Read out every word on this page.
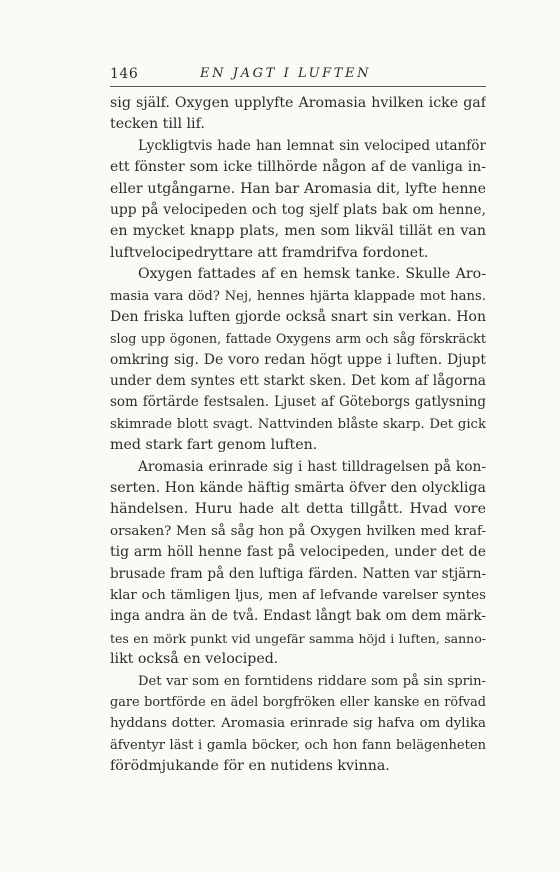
146	EN JAGT I LUFTEN
sig själf. Oxygen upplyfte Aromasia hvilken icke gaf
tecken till lif.
Lyckligtvis hade han lemnat sin velociped utanför
ett fönster som icke tillhörde någon af de vanliga in-
eller utgångarne. Han bar Aromasia dit, lyfte henne
upp på velocipeden och tog sjelf plats bak om henne,
en mycket knapp plats, men som likväl tillät en van
luftvelocipedryttare att framdrifva fordonet.
Oxygen fattades af en hemsk tanke. Skulle Aro-
masia vara död? Nej, hennes hjärta klappade mot hans.
Den friska luften gjorde också snart sin verkan. Hon
slog upp ögonen, fattade Oxygens arm och såg förskräckt
omkring sig. De voro redan högt uppe i luften. Djupt
under dem syntes ett starkt sken. Det kom af lågorna
som förtärde festsalen. Ljuset af Göteborgs gatlysning
skimrade blott svagt. Nattvinden blåste skarp. Det gick
med stark fart genom luften.
Aromasia erinrade sig i hast tilldragelsen på kon-
serten. Hon kände häftig smärta öfver den olyckliga
händelsen. Huru hade alt detta tillgått. Hvad vore
orsaken? Men så såg hon på Oxygen hvilken med kraf-
tig arm höll henne fast på velocipeden, under det de
brusade fram på den luftiga färden. Natten var stjärn-
klar och tämligen ljus, men af lefvande varelser syntes
inga andra än de två. Endast långt bak om dem märk-
tes en mörk punkt vid ungefär samma höjd i luften, sanno-
likt också en velociped.
Det var som en forntidens riddare som på sin sprin-
gare bortförde en ädel borgfröken eller kanske en röfvad
hyddans dotter. Aromasia erinrade sig hafva om dylika
äfventyr läst i gamla böcker, och hon fann belägenheten
förödmjukande för en nutidens kvinna.
